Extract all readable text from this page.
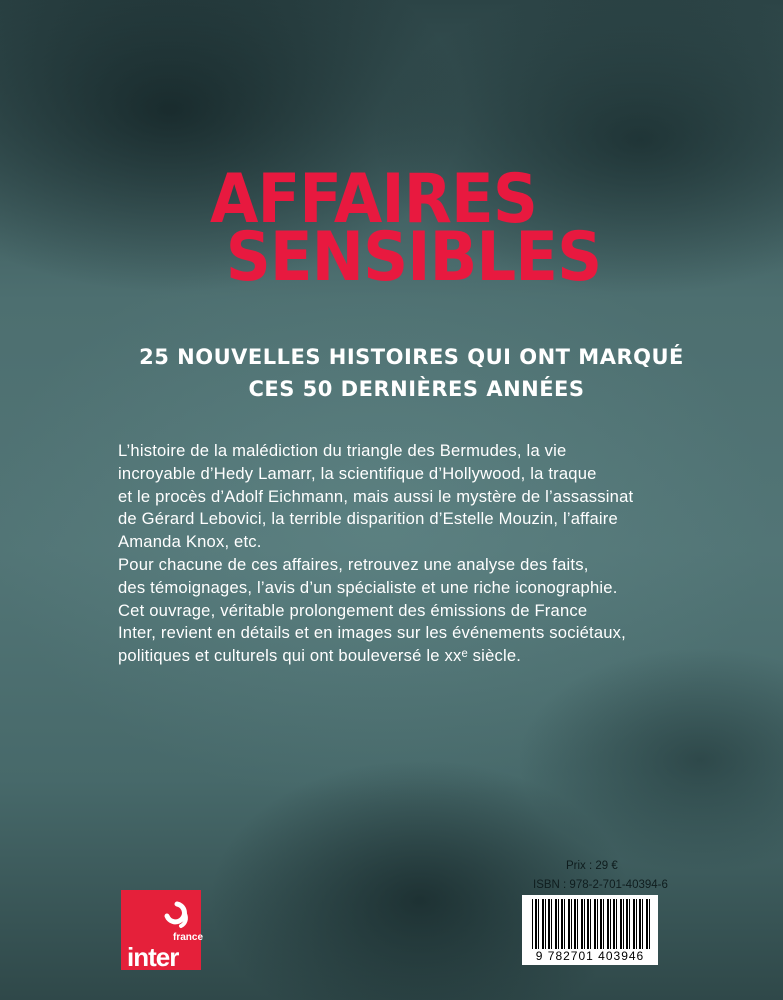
AFFAIRES
SENSIBLES
25 NOUVELLES HISTOIRES QUI ONT MARQUÉ
CES 50 DERNIÈRES ANNÉES

L’histoire de la malédiction du triangle des Bermudes, la vie

incroyable d’Hedy Lamarr, la scientifique d’Hollywood, la traque

et le procès d’Adolf Eichmann, mais aussi le mystère de l’assassinat

de Gérard Lebovici, la terrible disparition d’Estelle Mouzin, l’affaire

Amanda Knox, etc.

Pour chacune de ces affaires, retrouvez une analyse des faits,

des témoignages, l’avis d’un spécialiste et une riche iconographie.

Cet ouvrage, véritable prolongement des émissions de France

Inter, revient en détails et en images sur les événements sociétaux,

politiques et culturels qui ont bouleversé le xxᵉ siècle.

france
inter
Prix : 29 €
ISBN : 978-2-701-40394-6
9 782701 403946
